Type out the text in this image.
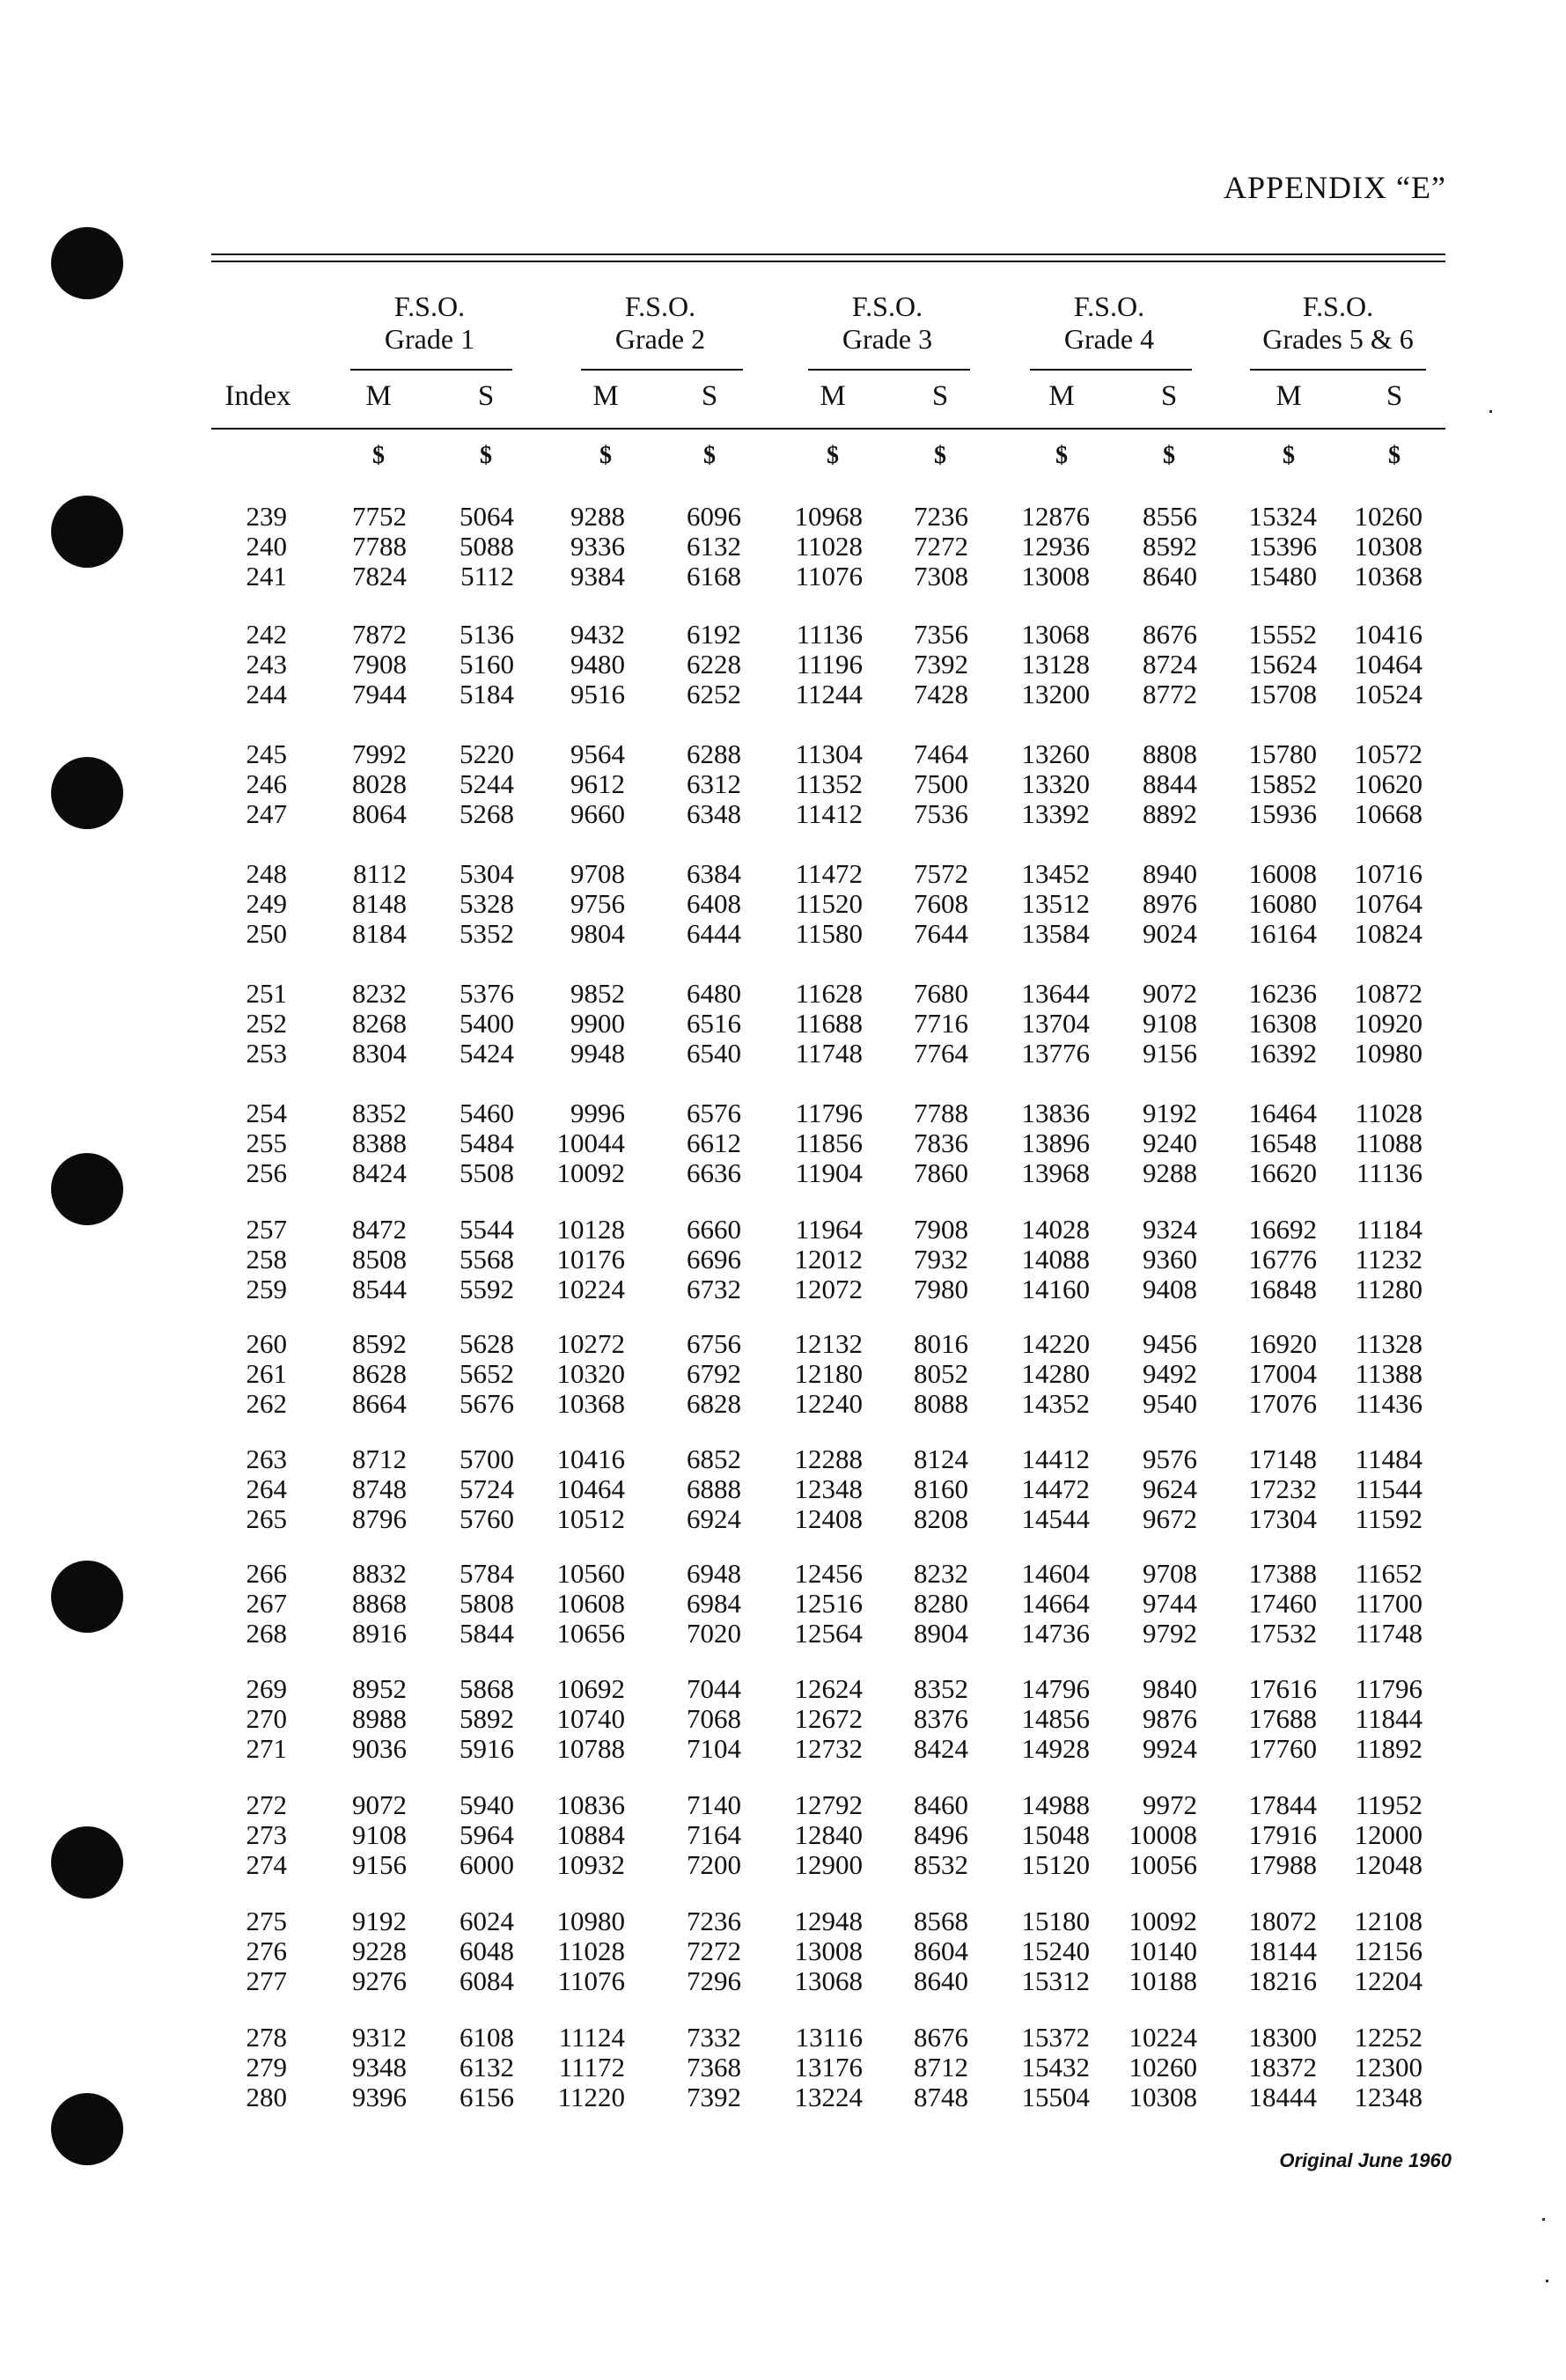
APPENDIX “E”
F.S.O.
Grade 1
F.S.O.
Grade 2
F.S.O.
Grade 3
F.S.O.
Grade 4
F.S.O.
Grades 5 & 6
Index	M	S	M	S	M	S	M	S	M	S
$	$	$	$	$	$	$	$	$	$
239	7752	5064	9288	6096	10968	7236	12876	8556	15324	10260
240	7788	5088	9336	6132	11028	7272	12936	8592	15396	10308
241	7824	5112	9384	6168	11076	7308	13008	8640	15480	10368
242	7872	5136	9432	6192	11136	7356	13068	8676	15552	10416
243	7908	5160	9480	6228	11196	7392	13128	8724	15624	10464
244	7944	5184	9516	6252	11244	7428	13200	8772	15708	10524
245	7992	5220	9564	6288	11304	7464	13260	8808	15780	10572
246	8028	5244	9612	6312	11352	7500	13320	8844	15852	10620
247	8064	5268	9660	6348	11412	7536	13392	8892	15936	10668
248	8112	5304	9708	6384	11472	7572	13452	8940	16008	10716
249	8148	5328	9756	6408	11520	7608	13512	8976	16080	10764
250	8184	5352	9804	6444	11580	7644	13584	9024	16164	10824
251	8232	5376	9852	6480	11628	7680	13644	9072	16236	10872
252	8268	5400	9900	6516	11688	7716	13704	9108	16308	10920
253	8304	5424	9948	6540	11748	7764	13776	9156	16392	10980
254	8352	5460	9996	6576	11796	7788	13836	9192	16464	11028
255	8388	5484	10044	6612	11856	7836	13896	9240	16548	11088
256	8424	5508	10092	6636	11904	7860	13968	9288	16620	11136
257	8472	5544	10128	6660	11964	7908	14028	9324	16692	11184
258	8508	5568	10176	6696	12012	7932	14088	9360	16776	11232
259	8544	5592	10224	6732	12072	7980	14160	9408	16848	11280
260	8592	5628	10272	6756	12132	8016	14220	9456	16920	11328
261	8628	5652	10320	6792	12180	8052	14280	9492	17004	11388
262	8664	5676	10368	6828	12240	8088	14352	9540	17076	11436
263	8712	5700	10416	6852	12288	8124	14412	9576	17148	11484
264	8748	5724	10464	6888	12348	8160	14472	9624	17232	11544
265	8796	5760	10512	6924	12408	8208	14544	9672	17304	11592
266	8832	5784	10560	6948	12456	8232	14604	9708	17388	11652
267	8868	5808	10608	6984	12516	8280	14664	9744	17460	11700
268	8916	5844	10656	7020	12564	8904	14736	9792	17532	11748
269	8952	5868	10692	7044	12624	8352	14796	9840	17616	11796
270	8988	5892	10740	7068	12672	8376	14856	9876	17688	11844
271	9036	5916	10788	7104	12732	8424	14928	9924	17760	11892
272	9072	5940	10836	7140	12792	8460	14988	9972	17844	11952
273	9108	5964	10884	7164	12840	8496	15048	10008	17916	12000
274	9156	6000	10932	7200	12900	8532	15120	10056	17988	12048
275	9192	6024	10980	7236	12948	8568	15180	10092	18072	12108
276	9228	6048	11028	7272	13008	8604	15240	10140	18144	12156
277	9276	6084	11076	7296	13068	8640	15312	10188	18216	12204
278	9312	6108	11124	7332	13116	8676	15372	10224	18300	12252
279	9348	6132	11172	7368	13176	8712	15432	10260	18372	12300
280	9396	6156	11220	7392	13224	8748	15504	10308	18444	12348
Original June 1960
